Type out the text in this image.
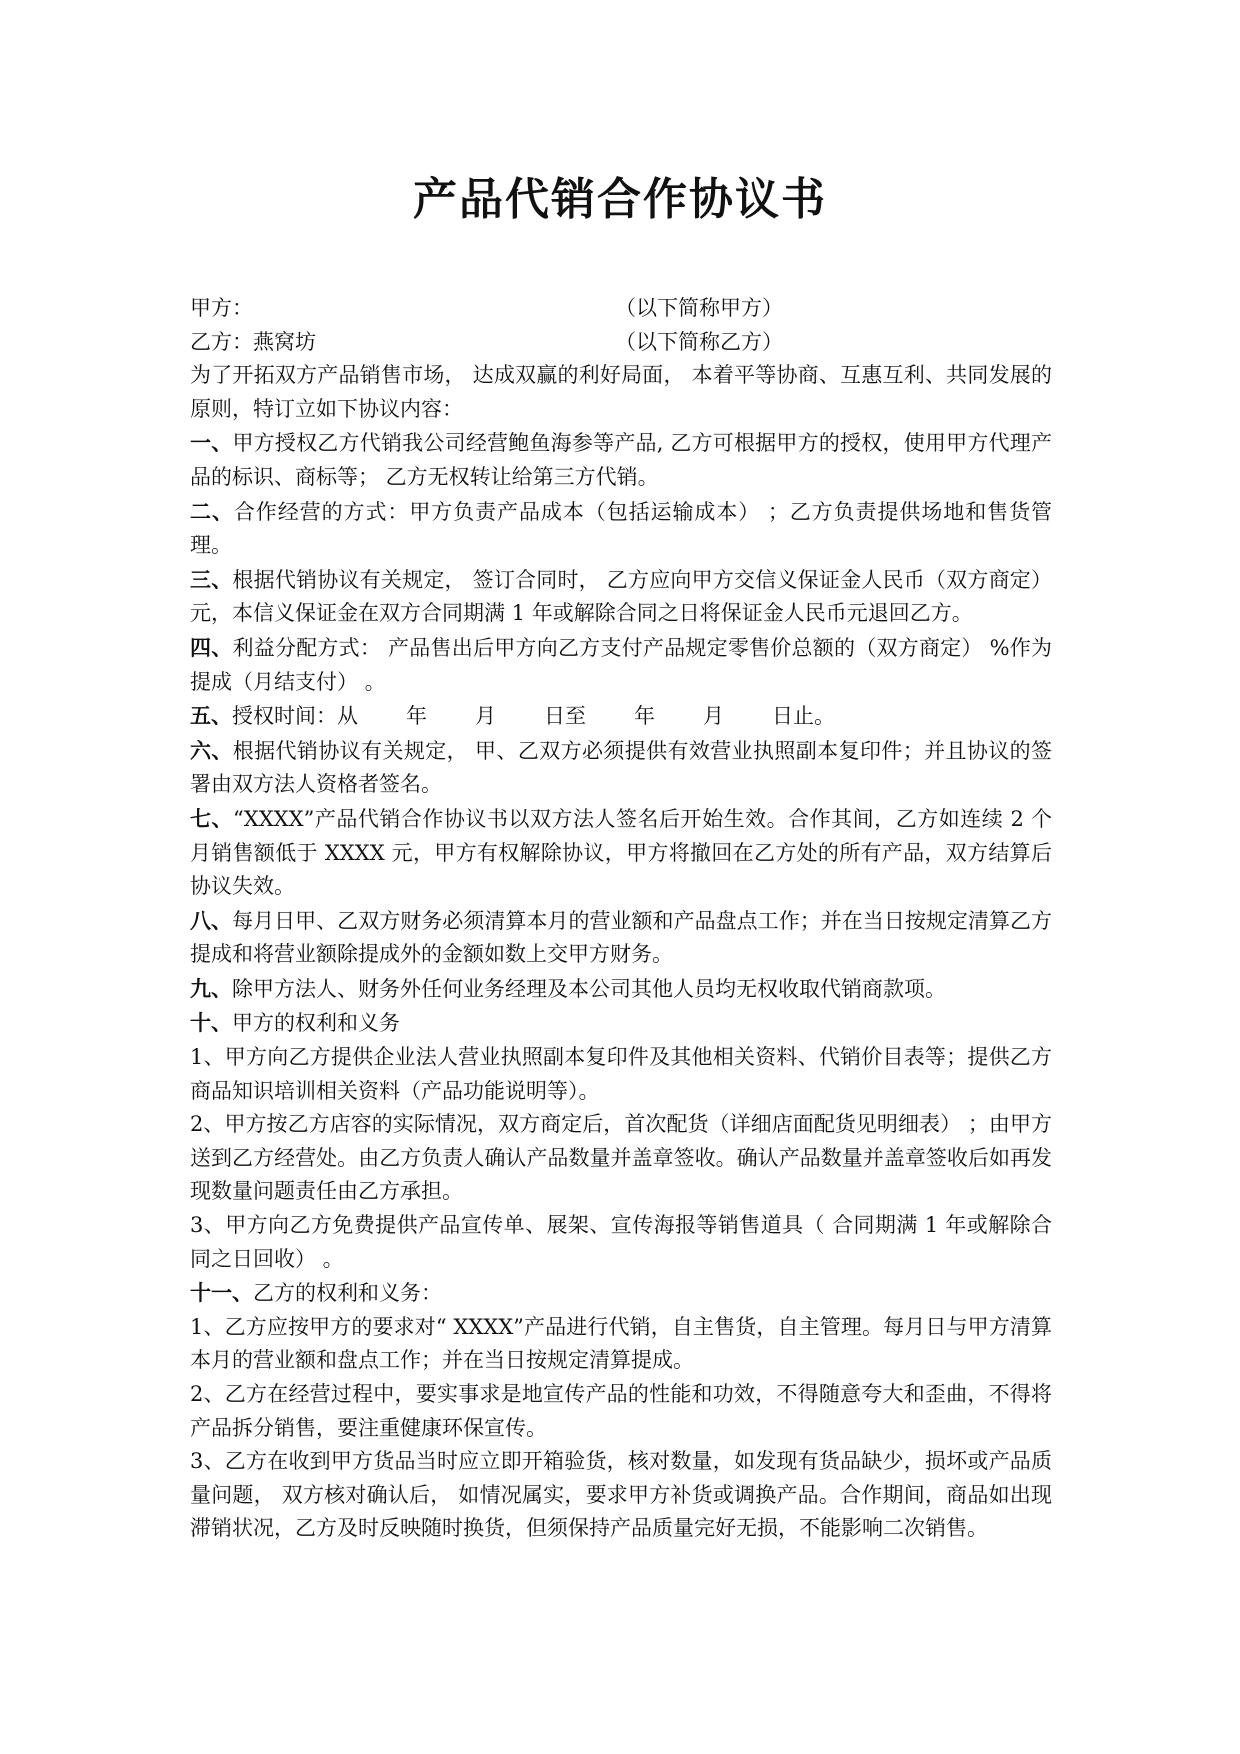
产品代销合作协议书
甲方：	（以下简称甲方）
乙方：燕窝坊	（以下简称乙方）

为了开拓双方产品销售市场， 达成双赢的利好局面， 本着平等协商、互惠互利、共同发展的原则，特订立如下协议内容：

一、甲方授权乙方代销我公司经营鲍鱼海参等产品, 乙方可根据甲方的授权，使用甲方代理产品的标识、商标等； 乙方无权转让给第三方代销。

二、合作经营的方式：甲方负责产品成本（包括运输成本） ；乙方负责提供场地和售货管理。

三、根据代销协议有关规定， 签订合同时， 乙方应向甲方交信义保证金人民币（双方商定）元，本信义保证金在双方合同期满 1 年或解除合同之日将保证金人民币元退回乙方。

四、利益分配方式： 产品售出后甲方向乙方支付产品规定零售价总额的（双方商定） %作为提成（月结支付） 。

五、授权时间：从 年 月 日至 年 月 日止。

六、根据代销协议有关规定， 甲、乙双方必须提供有效营业执照副本复印件；并且协议的签署由双方法人资格者签名。

七、“XXXX”产品代销合作协议书以双方法人签名后开始生效。合作其间，乙方如连续 2 个月销售额低于 XXXX 元，甲方有权解除协议，甲方将撤回在乙方处的所有产品，双方结算后协议失效。

八、每月日甲、乙双方财务必须清算本月的营业额和产品盘点工作；并在当日按规定清算乙方提成和将营业额除提成外的金额如数上交甲方财务。

九、除甲方法人、财务外任何业务经理及本公司其他人员均无权收取代销商款项。

十、甲方的权利和义务

1、甲方向乙方提供企业法人营业执照副本复印件及其他相关资料、代销价目表等；提供乙方商品知识培训相关资料（产品功能说明等）。

2、甲方按乙方店容的实际情况，双方商定后，首次配货（详细店面配货见明细表） ；由甲方送到乙方经营处。由乙方负责人确认产品数量并盖章签收。确认产品数量并盖章签收后如再发现数量问题责任由乙方承担。

3、甲方向乙方免费提供产品宣传单、展架、宣传海报等销售道具（ 合同期满 1 年或解除合同之日回收） 。

十一、乙方的权利和义务：

1、乙方应按甲方的要求对“ XXXX”产品进行代销，自主售货，自主管理。每月日与甲方清算本月的营业额和盘点工作；并在当日按规定清算提成。

2、乙方在经营过程中，要实事求是地宣传产品的性能和功效，不得随意夸大和歪曲，不得将产品拆分销售，要注重健康环保宣传。

3、乙方在收到甲方货品当时应立即开箱验货，核对数量，如发现有货品缺少，损坏或产品质量问题， 双方核对确认后， 如情况属实，要求甲方补货或调换产品。合作期间，商品如出现滞销状况，乙方及时反映随时换货，但须保持产品质量完好无损，不能影响二次销售。
